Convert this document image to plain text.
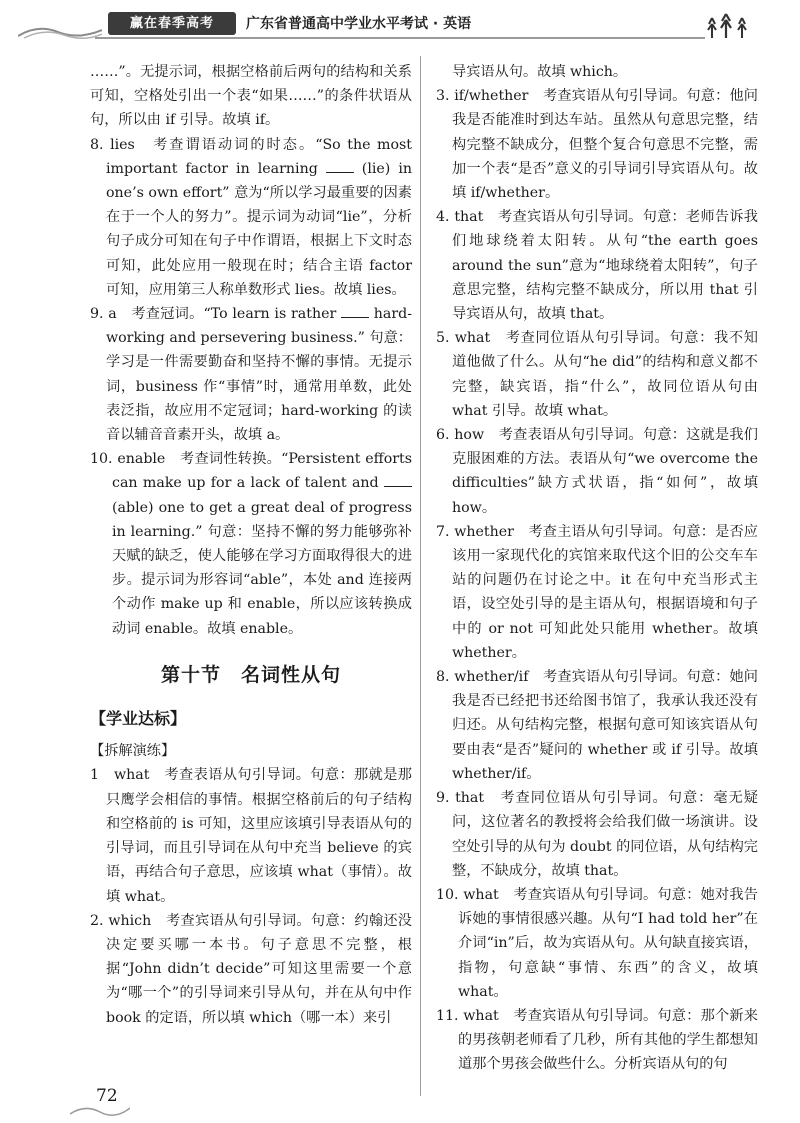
赢在春季高考	广东省普通高中学业水平考试 · 英语

……”。无提示词，根据空格前后两句的结构和关系可知，空格处引出一个表“如果……”的条件状语从句，所以由 if 引导。故填 if。

8. lies　考查谓语动词的时态。“So the most important factor in learning  (lie) in one’s own effort” 意为“所以学习最重要的因素在于一个人的努力”。提示词为动词“lie”，分析句子成分可知在句子中作谓语，根据上下文时态可知，此处应用一般现在时；结合主语 factor 可知，应用第三人称单数形式 lies。故填 lies。

9. a　考查冠词。“To learn is rather  hard-working and persevering business.” 句意：学习是一件需要勤奋和坚持不懈的事情。无提示词，business 作“事情”时，通常用单数，此处表泛指，故应用不定冠词；hard-working 的读音以辅音音素开头，故填 a。

10. enable　考查词性转换。“Persistent efforts can make up for a lack of talent and  (able) one to get a great deal of progress in learning.” 句意：坚持不懈的努力能够弥补天赋的缺乏，使人能够在学习方面取得很大的进步。提示词为形容词“able”，本处 and 连接两个动作 make up 和 enable，所以应该转换成动词 enable。故填 enable。

第十节　名词性从句
【学业达标】
【拆解演练】

1　what　考查表语从句引导词。句意：那就是那只鹰学会相信的事情。根据空格前后的句子结构和空格前的 is 可知，这里应该填引导表语从句的引导词，而且引导词在从句中充当 believe 的宾语，再结合句子意思，应该填 what（事情）。故填 what。

2. which　考查宾语从句引导词。句意：约翰还没决定要买哪一本书。句子意思不完整，根据“John didn’t decide”可知这里需要一个意为“哪一个”的引导词来引导从句，并在从句中作 book 的定语，所以填 which（哪一本）来引

导宾语从句。故填 which。

3. if/whether　考查宾语从句引导词。句意：他问我是否能准时到达车站。虽然从句意思完整，结构完整不缺成分，但整个复合句意思不完整，需加一个表“是否”意义的引导词引导宾语从句。故填 if/whether。

4. that　考查宾语从句引导词。句意：老师告诉我们地球绕着太阳转。从句“the earth goes around the sun”意为“地球绕着太阳转”，句子意思完整，结构完整不缺成分，所以用 that 引导宾语从句，故填 that。

5. what　考查同位语从句引导词。句意：我不知道他做了什么。从句“he did”的结构和意义都不完整，缺宾语，指“什么”，故同位语从句由 what 引导。故填 what。

6. how　考查表语从句引导词。句意：这就是我们克服困难的方法。表语从句“we overcome the difficulties”缺方式状语，指“如何”，故填 how。

7. whether　考查主语从句引导词。句意：是否应该用一家现代化的宾馆来取代这个旧的公交车车站的问题仍在讨论之中。it 在句中充当形式主语，设空处引导的是主语从句，根据语境和句子中的 or not 可知此处只能用 whether。故填 whether。

8. whether/if　考查宾语从句引导词。句意：她问我是否已经把书还给图书馆了，我承认我还没有归还。从句结构完整，根据句意可知该宾语从句要由表“是否”疑问的 whether 或 if 引导。故填 whether/if。

9. that　考查同位语从句引导词。句意：毫无疑问，这位著名的教授将会给我们做一场演讲。设空处引导的从句为 doubt 的同位语，从句结构完整，不缺成分，故填 that。

10. what　考查宾语从句引导词。句意：她对我告诉她的事情很感兴趣。从句“I had told her”在介词“in”后，故为宾语从句。从句缺直接宾语，指物，句意缺“事情、东西”的含义，故填 what。

11. what　考查宾语从句引导词。句意：那个新来的男孩朝老师看了几秒，所有其他的学生都想知道那个男孩会做些什么。分析宾语从句的句

72
